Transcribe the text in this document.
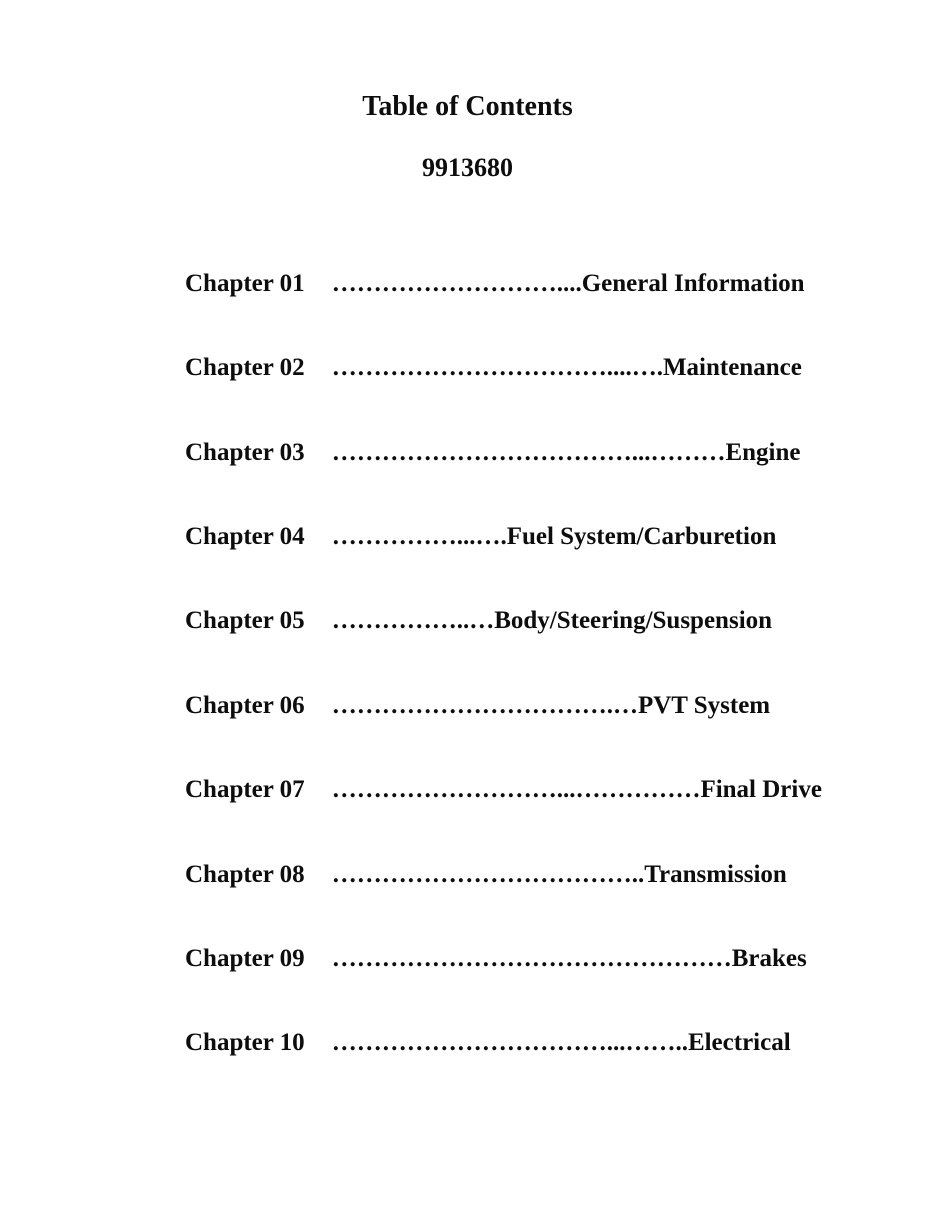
Table of Contents
9913680
Chapter 01 ……………………….... General Information
Chapter 02 ……………………………....…. Maintenance
Chapter 03 ………………………………...……… Engine
Chapter 04 ……………...…. Fuel System/Carburetion
Chapter 05 ……………..… Body/Steering/Suspension
Chapter 06 …………………………….… PVT System
Chapter 07 ………………………...…………… Final Drive
Chapter 08 ……………………………….. Transmission
Chapter 09 ………………………………………… Brakes
Chapter 10 ……………………………...…….. Electrical
